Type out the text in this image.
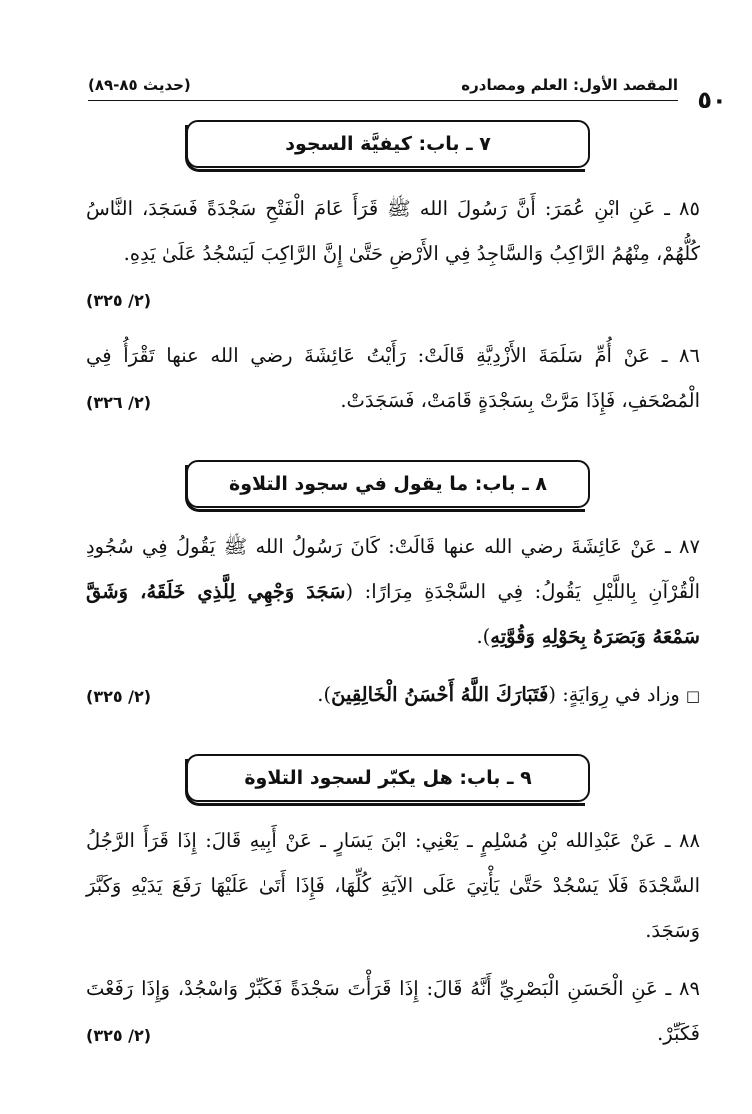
المقصد الأول: العلم ومصادره
(حديث ٨٥-٨٩)
٥٠
٧ ـ باب: كيفيَّة السجود
٨٥ ـ عَنِ ابْنِ عُمَرَ: أَنَّ رَسُولَ الله ﷺ قَرَأَ عَامَ الْفَتْحِ سَجْدَةً فَسَجَدَ، النَّاسُ كُلُّهُمْ، مِنْهُمُ الرَّاكِبُ وَالسَّاجِدُ فِي الأَرْضِ حَتَّىٰ إِنَّ الرَّاكِبَ لَيَسْجُدُ عَلَىٰ يَدِهِ.
(٢/ ٣٢٥)
٨٦ ـ عَنْ أُمِّ سَلَمَةَ الأَزْدِيَّةِ قَالَتْ: رَأَيْتُ عَائِشَةَ رضي الله عنها تَقْرَأُ فِي الْمُصْحَفِ، فَإِذَا مَرَّتْ بِسَجْدَةٍ قَامَتْ، فَسَجَدَتْ.
(٢/ ٣٢٦)
٨ ـ باب: ما يقول في سجود التلاوة
٨٧ ـ عَنْ عَائِشَةَ رضي الله عنها قَالَتْ: كَانَ رَسُولُ الله ﷺ يَقُولُ فِي سُجُودِ الْقُرْآنِ بِاللَّيْلِ يَقُولُ: فِي السَّجْدَةِ مِرَارًا: (سَجَدَ وَجْهِي لِلَّذِي خَلَقَهُ، وَشَقَّ سَمْعَهُ وَبَصَرَهُ بِحَوْلِهِ وَقُوَّتِهِ).
□وزاد في رِوَايَةٍ: (فَتَبَارَكَ اللَّهُ أَحْسَنُ الْخَالِقِينَ).
(٢/ ٣٢٥)
٩ ـ باب: هل يكبّر لسجود التلاوة
٨٨ ـ عَنْ عَبْدِالله بْنِ مُسْلِمٍ ـ يَعْنِي: ابْنَ يَسَارٍ ـ عَنْ أَبِيهِ قَالَ: إِذَا قَرَأَ الرَّجُلُ السَّجْدَةَ فَلَا يَسْجُدْ حَتَّىٰ يَأْتِيَ عَلَى الآيَةِ كُلِّهَا، فَإِذَا أَتَىٰ عَلَيْهَا رَفَعَ يَدَيْهِ وَكَبَّرَ وَسَجَدَ.
٨٩ ـ عَنِ الْحَسَنِ الْبَصْرِيِّ أَنَّهُ قَالَ: إِذَا قَرَأْتَ سَجْدَةً فَكَبِّرْ وَاسْجُدْ، وَإِذَا رَفَعْتَ فَكَبِّرْ.
(٢/ ٣٢٥)
